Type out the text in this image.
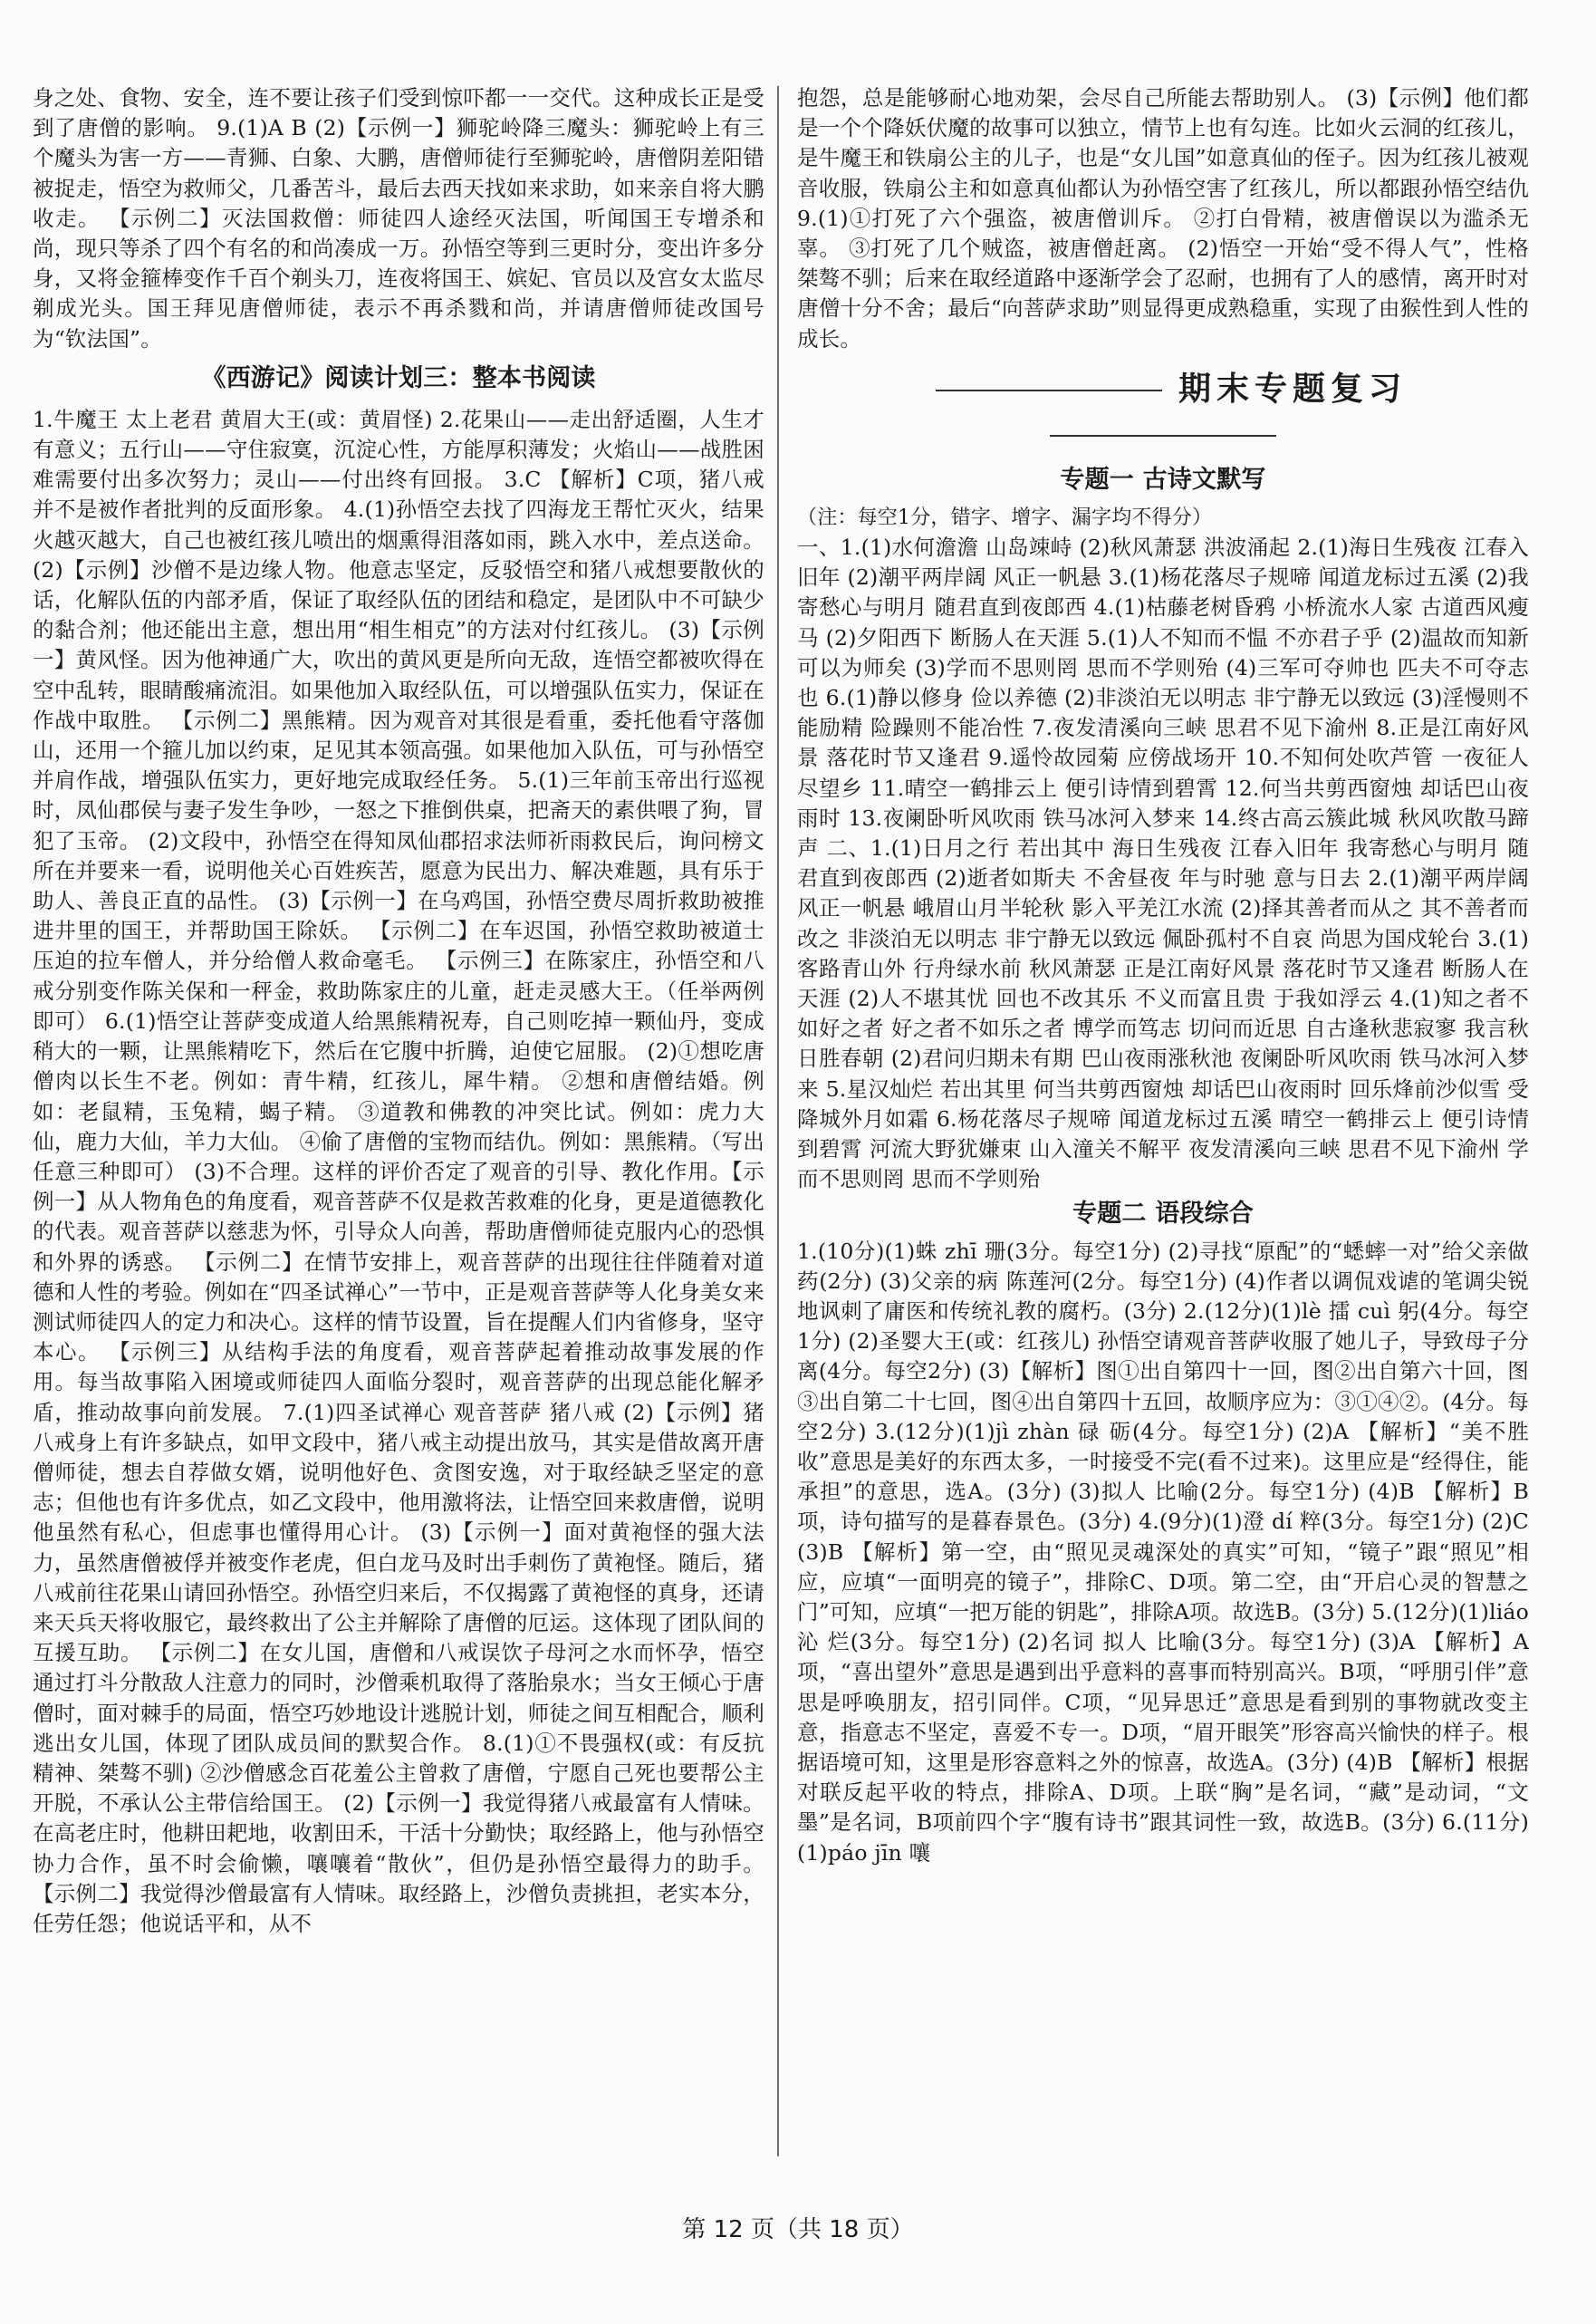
身之处、食物、安全，连不要让孩子们受到惊吓都一一交代。这种成长正是受到了唐僧的影响。 9.(1)A B (2)【示例一】狮驼岭降三魔头：狮驼岭上有三个魔头为害一方——青狮、白象、大鹏，唐僧师徒行至狮驼岭，唐僧阴差阳错被捉走，悟空为救师父，几番苦斗，最后去西天找如来求助，如来亲自将大鹏收走。 【示例二】灭法国救僧：师徒四人途经灭法国，听闻国王专增杀和尚，现只等杀了四个有名的和尚凑成一万。孙悟空等到三更时分，变出许多分身，又将金箍棒变作千百个剃头刀，连夜将国王、嫔妃、官员以及宫女太监尽剃成光头。国王拜见唐僧师徒，表示不再杀戮和尚，并请唐僧师徒改国号为“钦法国”。

《西游记》阅读计划三：整本书阅读

1.牛魔王 太上老君 黄眉大王(或：黄眉怪) 2.花果山——走出舒适圈，人生才有意义；五行山——守住寂寞，沉淀心性，方能厚积薄发；火焰山——战胜困难需要付出多次努力；灵山——付出终有回报。 3.C 【解析】C项，猪八戒并不是被作者批判的反面形象。 4.(1)孙悟空去找了四海龙王帮忙灭火，结果火越灭越大，自己也被红孩儿喷出的烟熏得泪落如雨，跳入水中，差点送命。 (2)【示例】沙僧不是边缘人物。他意志坚定，反驳悟空和猪八戒想要散伙的话，化解队伍的内部矛盾，保证了取经队伍的团结和稳定，是团队中不可缺少的黏合剂；他还能出主意，想出用“相生相克”的方法对付红孩儿。 (3)【示例一】黄风怪。因为他神通广大，吹出的黄风更是所向无敌，连悟空都被吹得在空中乱转，眼睛酸痛流泪。如果他加入取经队伍，可以增强队伍实力，保证在作战中取胜。 【示例二】黑熊精。因为观音对其很是看重，委托他看守落伽山，还用一个箍儿加以约束，足见其本领高强。如果他加入队伍，可与孙悟空并肩作战，增强队伍实力，更好地完成取经任务。 5.(1)三年前玉帝出行巡视时，凤仙郡侯与妻子发生争吵，一怒之下推倒供桌，把斋天的素供喂了狗，冒犯了玉帝。 (2)文段中，孙悟空在得知凤仙郡招求法师祈雨救民后，询问榜文所在并要来一看，说明他关心百姓疾苦，愿意为民出力、解决难题，具有乐于助人、善良正直的品性。 (3)【示例一】在乌鸡国，孙悟空费尽周折救助被推进井里的国王，并帮助国王除妖。 【示例二】在车迟国，孙悟空救助被道士压迫的拉车僧人，并分给僧人救命毫毛。 【示例三】在陈家庄，孙悟空和八戒分别变作陈关保和一秤金，救助陈家庄的儿童，赶走灵感大王。（任举两例即可） 6.(1)悟空让菩萨变成道人给黑熊精祝寿，自己则吃掉一颗仙丹，变成稍大的一颗，让黑熊精吃下，然后在它腹中折腾，迫使它屈服。 (2)①想吃唐僧肉以长生不老。例如：青牛精，红孩儿，犀牛精。 ②想和唐僧结婚。例如：老鼠精，玉兔精，蝎子精。 ③道教和佛教的冲突比试。例如：虎力大仙，鹿力大仙，羊力大仙。 ④偷了唐僧的宝物而结仇。例如：黑熊精。（写出任意三种即可） (3)不合理。这样的评价否定了观音的引导、教化作用。【示例一】从人物角色的角度看，观音菩萨不仅是救苦救难的化身，更是道德教化的代表。观音菩萨以慈悲为怀，引导众人向善，帮助唐僧师徒克服内心的恐惧和外界的诱惑。 【示例二】在情节安排上，观音菩萨的出现往往伴随着对道德和人性的考验。例如在“四圣试禅心”一节中，正是观音菩萨等人化身美女来测试师徒四人的定力和决心。这样的情节设置，旨在提醒人们内省修身，坚守本心。 【示例三】从结构手法的角度看，观音菩萨起着推动故事发展的作用。每当故事陷入困境或师徒四人面临分裂时，观音菩萨的出现总能化解矛盾，推动故事向前发展。 7.(1)四圣试禅心 观音菩萨 猪八戒 (2)【示例】猪八戒身上有许多缺点，如甲文段中，猪八戒主动提出放马，其实是借故离开唐僧师徒，想去自荐做女婿，说明他好色、贪图安逸，对于取经缺乏坚定的意志；但他也有许多优点，如乙文段中，他用激将法，让悟空回来救唐僧，说明他虽然有私心，但虑事也懂得用心计。 (3)【示例一】面对黄袍怪的强大法力，虽然唐僧被俘并被变作老虎，但白龙马及时出手刺伤了黄袍怪。随后，猪八戒前往花果山请回孙悟空。孙悟空归来后，不仅揭露了黄袍怪的真身，还请来天兵天将收服它，最终救出了公主并解除了唐僧的厄运。这体现了团队间的互援互助。 【示例二】在女儿国，唐僧和八戒误饮子母河之水而怀孕，悟空通过打斗分散敌人注意力的同时，沙僧乘机取得了落胎泉水；当女王倾心于唐僧时，面对棘手的局面，悟空巧妙地设计逃脱计划，师徒之间互相配合，顺利逃出女儿国，体现了团队成员间的默契合作。 8.(1)①不畏强权(或：有反抗精神、桀骜不驯) ②沙僧感念百花羞公主曾救了唐僧，宁愿自己死也要帮公主开脱，不承认公主带信给国王。 (2)【示例一】我觉得猪八戒最富有人情味。在高老庄时，他耕田耙地，收割田禾，干活十分勤快；取经路上，他与孙悟空协力合作，虽不时会偷懒，嚷嚷着“散伙”，但仍是孙悟空最得力的助手。 【示例二】我觉得沙僧最富有人情味。取经路上，沙僧负责挑担，老实本分，任劳任怨；他说话平和，从不

抱怨，总是能够耐心地劝架，会尽自己所能去帮助别人。 (3)【示例】他们都是一个个降妖伏魔的故事可以独立，情节上也有勾连。比如火云洞的红孩儿，是牛魔王和铁扇公主的儿子，也是“女儿国”如意真仙的侄子。因为红孩儿被观音收服，铁扇公主和如意真仙都认为孙悟空害了红孩儿，所以都跟孙悟空结仇 9.(1)①打死了六个强盗，被唐僧训斥。 ②打白骨精，被唐僧误以为滥杀无辜。 ③打死了几个贼盗，被唐僧赶离。 (2)悟空一开始“受不得人气”，性格桀骜不驯；后来在取经道路中逐渐学会了忍耐，也拥有了人的感情，离开时对唐僧十分不舍；最后“向菩萨求助”则显得更成熟稳重，实现了由猴性到人性的成长。

期末专题复习
专题一 古诗文默写

（注：每空1分，错字、增字、漏字均不得分）

一、1.(1)水何澹澹 山岛竦峙 (2)秋风萧瑟 洪波涌起 2.(1)海日生残夜 江春入旧年 (2)潮平两岸阔 风正一帆悬 3.(1)杨花落尽子规啼 闻道龙标过五溪 (2)我寄愁心与明月 随君直到夜郎西 4.(1)枯藤老树昏鸦 小桥流水人家 古道西风瘦马 (2)夕阳西下 断肠人在天涯 5.(1)人不知而不愠 不亦君子乎 (2)温故而知新 可以为师矣 (3)学而不思则罔 思而不学则殆 (4)三军可夺帅也 匹夫不可夺志也 6.(1)静以修身 俭以养德 (2)非淡泊无以明志 非宁静无以致远 (3)淫慢则不能励精 险躁则不能冶性 7.夜发清溪向三峡 思君不见下渝州 8.正是江南好风景 落花时节又逢君 9.遥怜故园菊 应傍战场开 10.不知何处吹芦管 一夜征人尽望乡 11.晴空一鹤排云上 便引诗情到碧霄 12.何当共剪西窗烛 却话巴山夜雨时 13.夜阑卧听风吹雨 铁马冰河入梦来 14.终古高云簇此城 秋风吹散马蹄声 二、1.(1)日月之行 若出其中 海日生残夜 江春入旧年 我寄愁心与明月 随君直到夜郎西 (2)逝者如斯夫 不舍昼夜 年与时驰 意与日去 2.(1)潮平两岸阔 风正一帆悬 峨眉山月半轮秋 影入平羌江水流 (2)择其善者而从之 其不善者而改之 非淡泊无以明志 非宁静无以致远 佩卧孤村不自哀 尚思为国戍轮台 3.(1)客路青山外 行舟绿水前 秋风萧瑟 正是江南好风景 落花时节又逢君 断肠人在天涯 (2)人不堪其忧 回也不改其乐 不义而富且贵 于我如浮云 4.(1)知之者不如好之者 好之者不如乐之者 博学而笃志 切问而近思 自古逢秋悲寂寥 我言秋日胜春朝 (2)君问归期未有期 巴山夜雨涨秋池 夜阑卧听风吹雨 铁马冰河入梦来 5.星汉灿烂 若出其里 何当共剪西窗烛 却话巴山夜雨时 回乐烽前沙似雪 受降城外月如霜 6.杨花落尽子规啼 闻道龙标过五溪 晴空一鹤排云上 便引诗情到碧霄 河流大野犹嫌束 山入潼关不解平 夜发清溪向三峡 思君不见下渝州 学而不思则罔 思而不学则殆

专题二 语段综合

1.(10分)(1)蛛 zhī 珊(3分。每空1分) (2)寻找“原配”的“蟋蟀一对”给父亲做药(2分) (3)父亲的病 陈莲河(2分。每空1分) (4)作者以调侃戏谑的笔调尖锐地讽刺了庸医和传统礼教的腐朽。(3分) 2.(12分)(1)lè 擂 cuì 躬(4分。每空1分) (2)圣婴大王(或：红孩儿) 孙悟空请观音菩萨收服了她儿子，导致母子分离(4分。每空2分) (3)【解析】图①出自第四十一回，图②出自第六十回，图③出自第二十七回，图④出自第四十五回，故顺序应为：③①④②。(4分。每空2分) 3.(12分)(1)jì zhàn 碌 砺(4分。每空1分) (2)A 【解析】“美不胜收”意思是美好的东西太多，一时接受不完(看不过来)。这里应是“经得住，能承担”的意思，选A。(3分) (3)拟人 比喻(2分。每空1分) (4)B 【解析】B项，诗句描写的是暮春景色。(3分) 4.(9分)(1)澄 dí 粹(3分。每空1分) (2)C (3)B 【解析】第一空，由“照见灵魂深处的真实”可知，“镜子”跟“照见”相应，应填“一面明亮的镜子”，排除C、D项。第二空，由“开启心灵的智慧之门”可知，应填“一把万能的钥匙”，排除A项。故选B。(3分) 5.(12分)(1)liáo 沁 烂(3分。每空1分) (2)名词 拟人 比喻(3分。每空1分) (3)A 【解析】A项，“喜出望外”意思是遇到出乎意料的喜事而特别高兴。B项，“呼朋引伴”意思是呼唤朋友，招引同伴。C项，“见异思迁”意思是看到别的事物就改变主意，指意志不坚定，喜爱不专一。D项，“眉开眼笑”形容高兴愉快的样子。根据语境可知，这里是形容意料之外的惊喜，故选A。(3分) (4)B 【解析】根据对联反起平收的特点，排除A、D项。上联“胸”是名词，“藏”是动词，“文墨”是名词，B项前四个字“腹有诗书”跟其词性一致，故选B。(3分) 6.(11分)(1)páo jīn 嚷

第 12 页（共 18 页）
